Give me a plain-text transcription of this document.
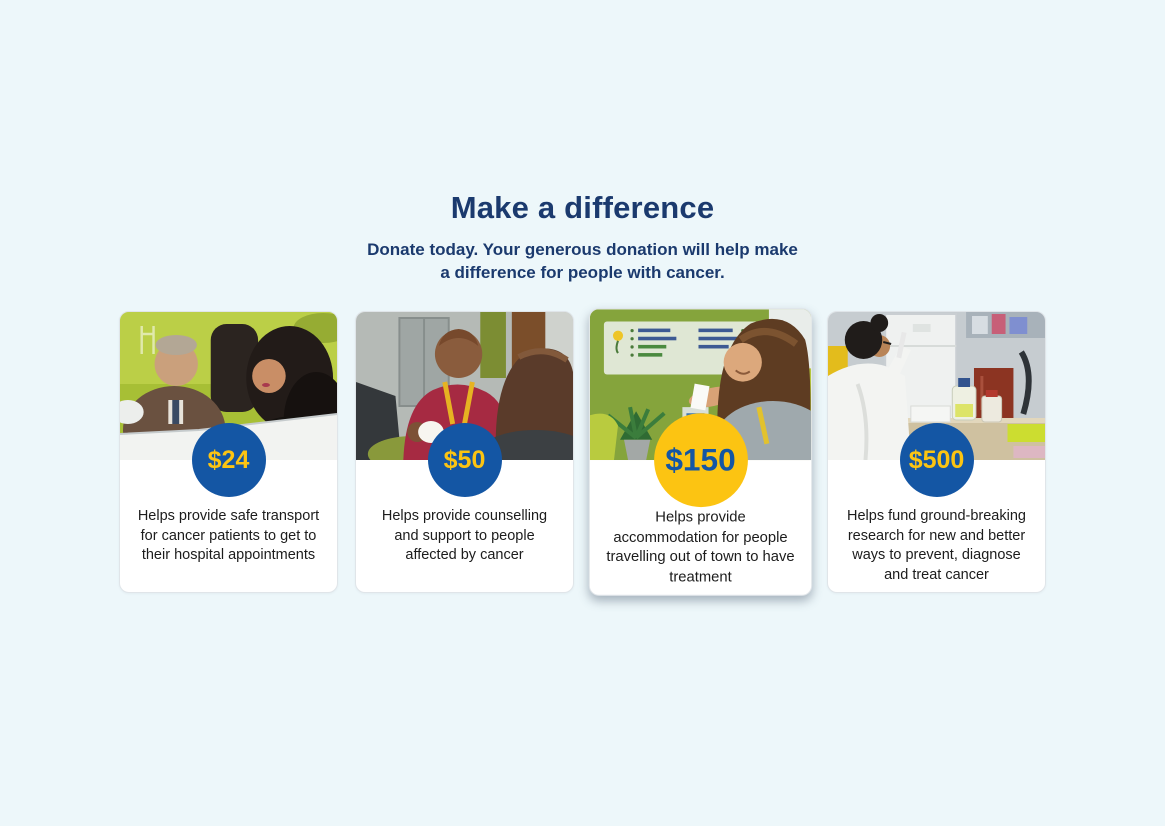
Make a difference

Donate today. Your generous donation will help make a difference for people with cancer.

$24

Helps provide safe transport for cancer patients to get to their hospital appointments

$50

Helps provide counselling and support to people affected by cancer

$150

Helps provide accommodation for people travelling out of town to have treatment

$500

Helps fund ground-breaking research for new and better ways to prevent, diagnose and treat cancer
